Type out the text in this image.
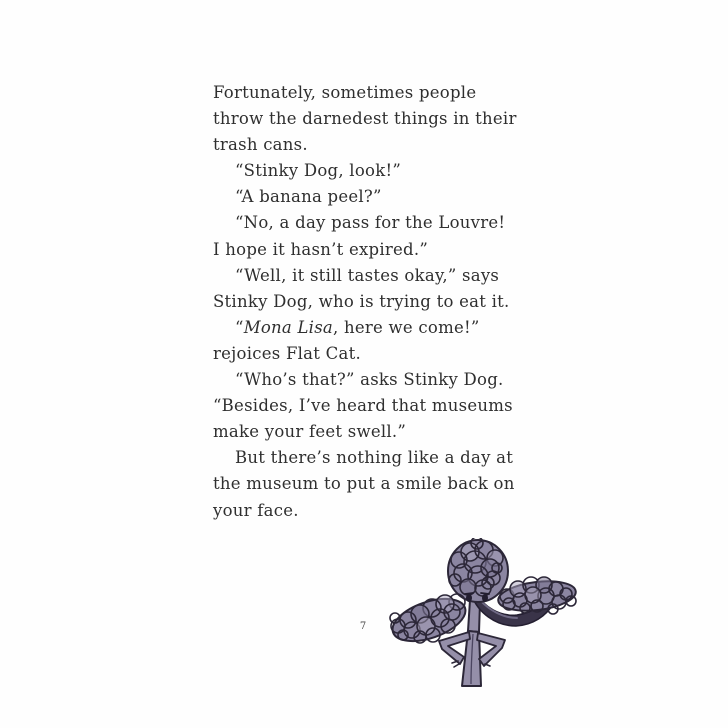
Fortunately, sometimes people
throw the darnedest things in their
trash cans.
“Stinky Dog, look!”
“A banana peel?”
“No, a day pass for the Louvre!
I hope it hasn’t expired.”
“Well, it still tastes okay,” says
Stinky Dog, who is trying to eat it.
“Mona Lisa, here we come!”
rejoices Flat Cat.
“Who’s that?” asks Stinky Dog.
“Besides, I’ve heard that museums
make your feet swell.”
But there’s nothing like a day at
the museum to put a smile back on
your face.
7
